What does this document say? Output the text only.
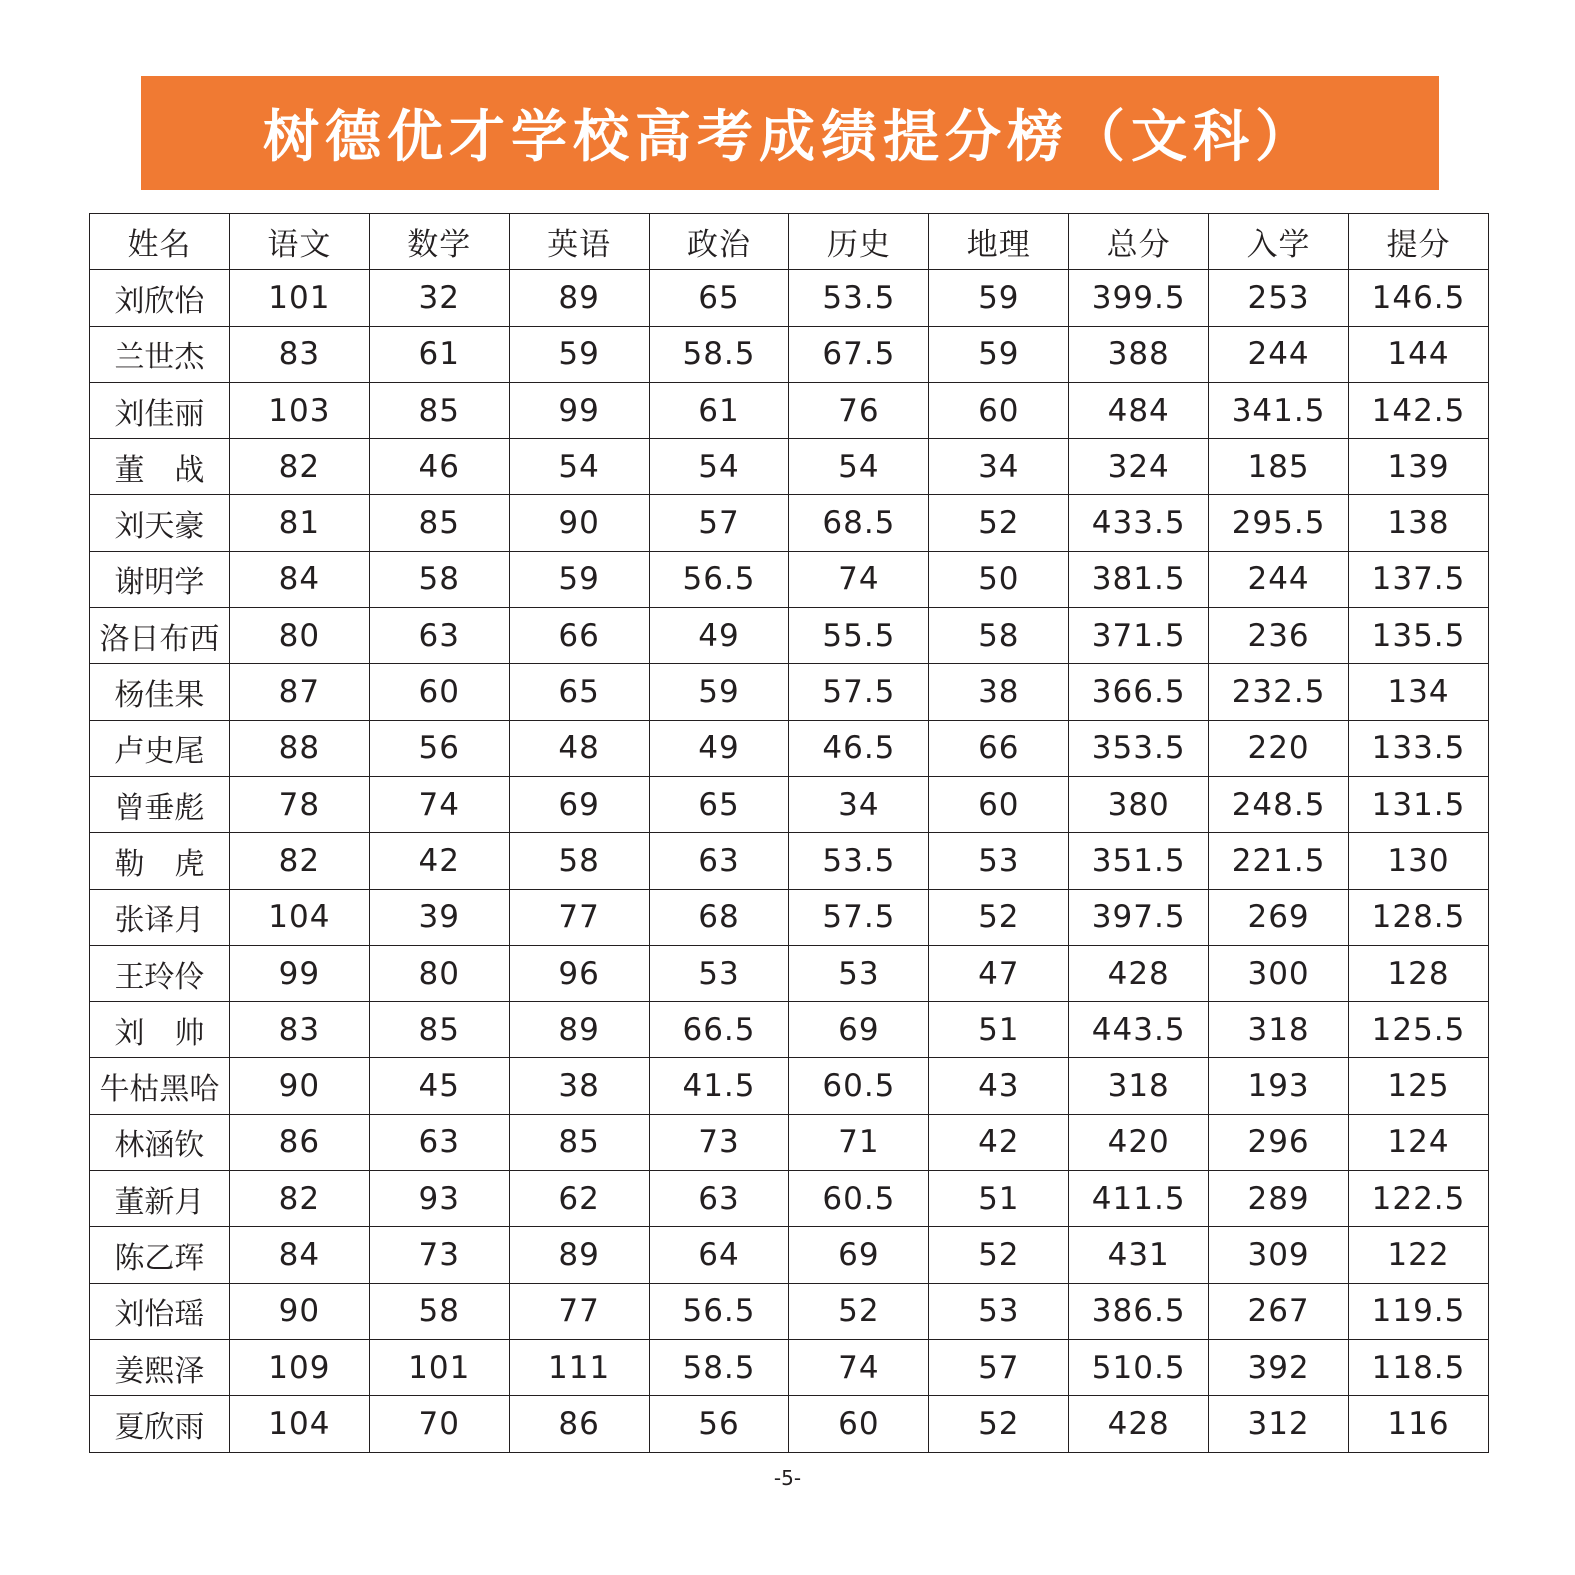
树德优才学校高考成绩提分榜（文科）
姓名	语文	数学	英语	政治	历史	地理	总分	入学	提分
刘欣怡	101	32	89	65	53.5	59	399.5	253	146.5
兰世杰	83	61	59	58.5	67.5	59	388	244	144
刘佳丽	103	85	99	61	76	60	484	341.5	142.5
董　战	82	46	54	54	54	34	324	185	139
刘天豪	81	85	90	57	68.5	52	433.5	295.5	138
谢明学	84	58	59	56.5	74	50	381.5	244	137.5
洛日布西	80	63	66	49	55.5	58	371.5	236	135.5
杨佳果	87	60	65	59	57.5	38	366.5	232.5	134
卢史尾	88	56	48	49	46.5	66	353.5	220	133.5
曾垂彪	78	74	69	65	34	60	380	248.5	131.5
勒　虎	82	42	58	63	53.5	53	351.5	221.5	130
张译月	104	39	77	68	57.5	52	397.5	269	128.5
王玲伶	99	80	96	53	53	47	428	300	128
刘　帅	83	85	89	66.5	69	51	443.5	318	125.5
牛枯黑哈	90	45	38	41.5	60.5	43	318	193	125
林涵钦	86	63	85	73	71	42	420	296	124
董新月	82	93	62	63	60.5	51	411.5	289	122.5
陈乙珲	84	73	89	64	69	52	431	309	122
刘怡瑶	90	58	77	56.5	52	53	386.5	267	119.5
姜熙泽	109	101	111	58.5	74	57	510.5	392	118.5
夏欣雨	104	70	86	56	60	52	428	312	116
-5-
